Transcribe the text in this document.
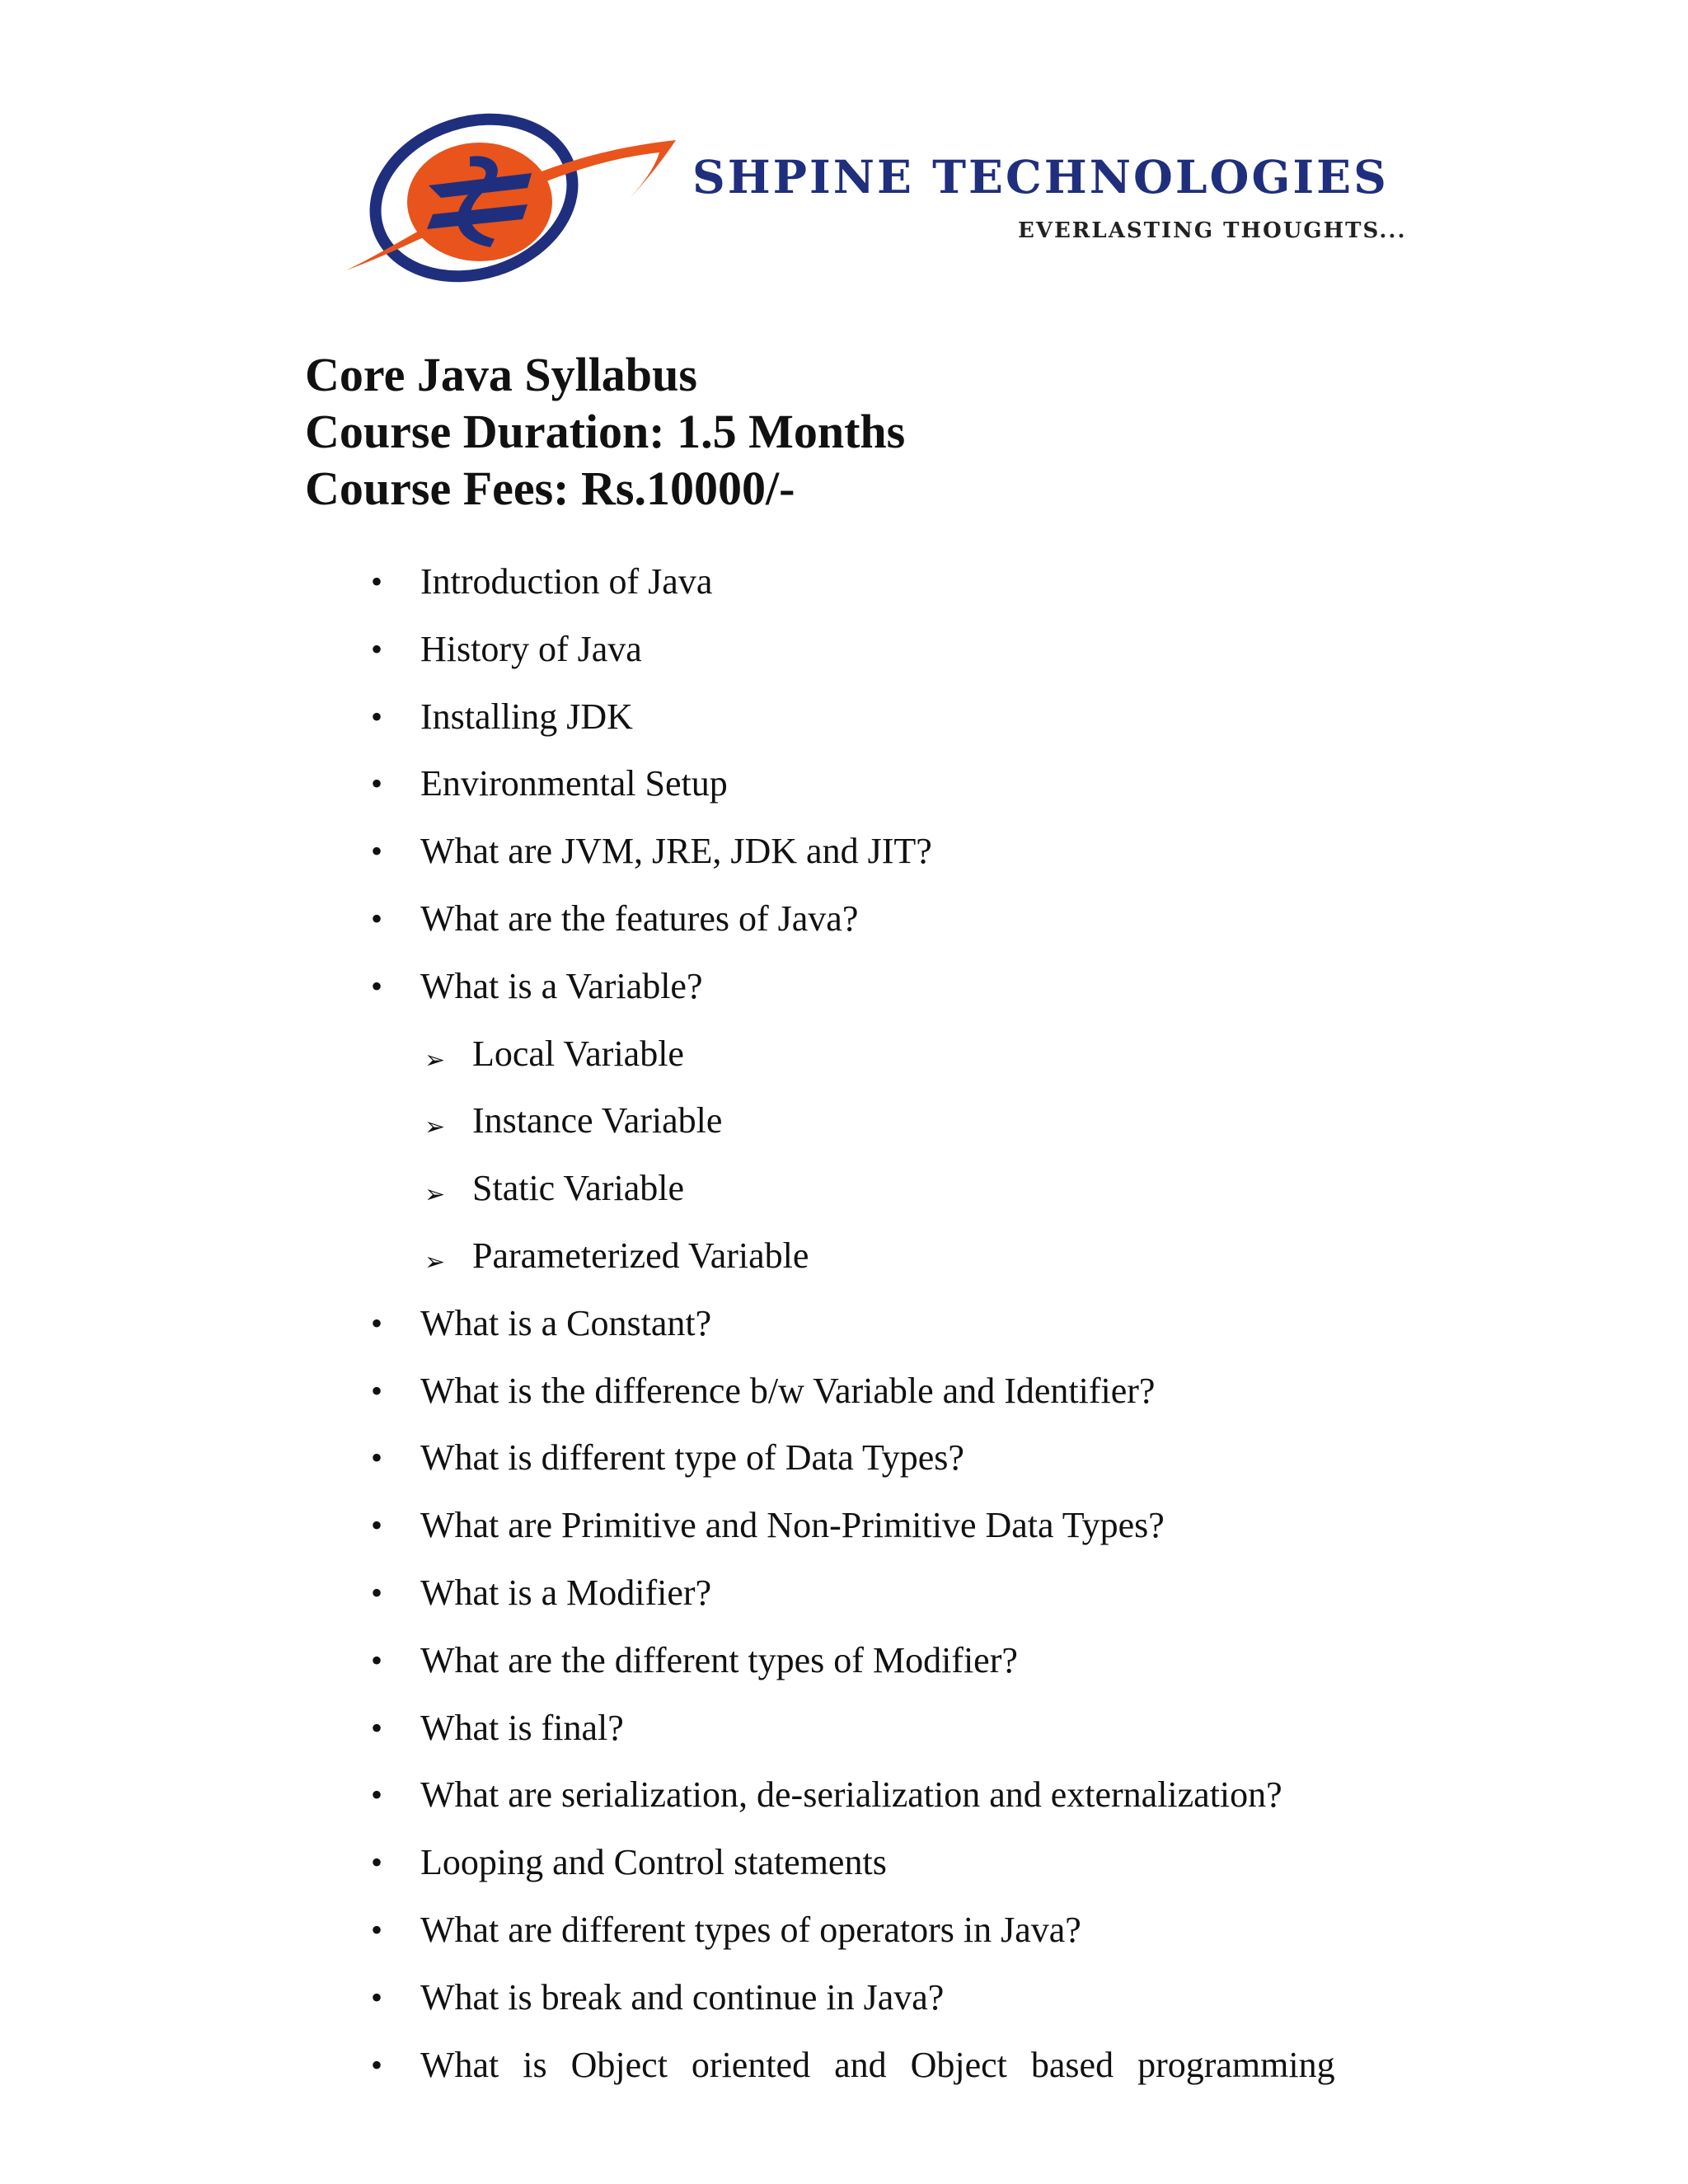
SHPINE TECHNOLOGIES
EVERLASTING THOUGHTS...
Core Java Syllabus
Course Duration: 1.5 Months
Course Fees: Rs.10000/-
• Introduction of Java
• History of Java
• Installing JDK
• Environmental Setup
• What are JVM, JRE, JDK and JIT?
• What are the features of Java?
• What is a Variable?
➢ Local Variable
➢ Instance Variable
➢ Static Variable
➢ Parameterized Variable
• What is a Constant?
• What is the difference b/w Variable and Identifier?
• What is different type of Data Types?
• What are Primitive and Non-Primitive Data Types?
• What is a Modifier?
• What are the different types of Modifier?
• What is final?
• What are serialization, de-serialization and externalization?
• Looping and Control statements
• What are different types of operators in Java?
• What is break and continue in Java?
• What is Object oriented and Object based programming
